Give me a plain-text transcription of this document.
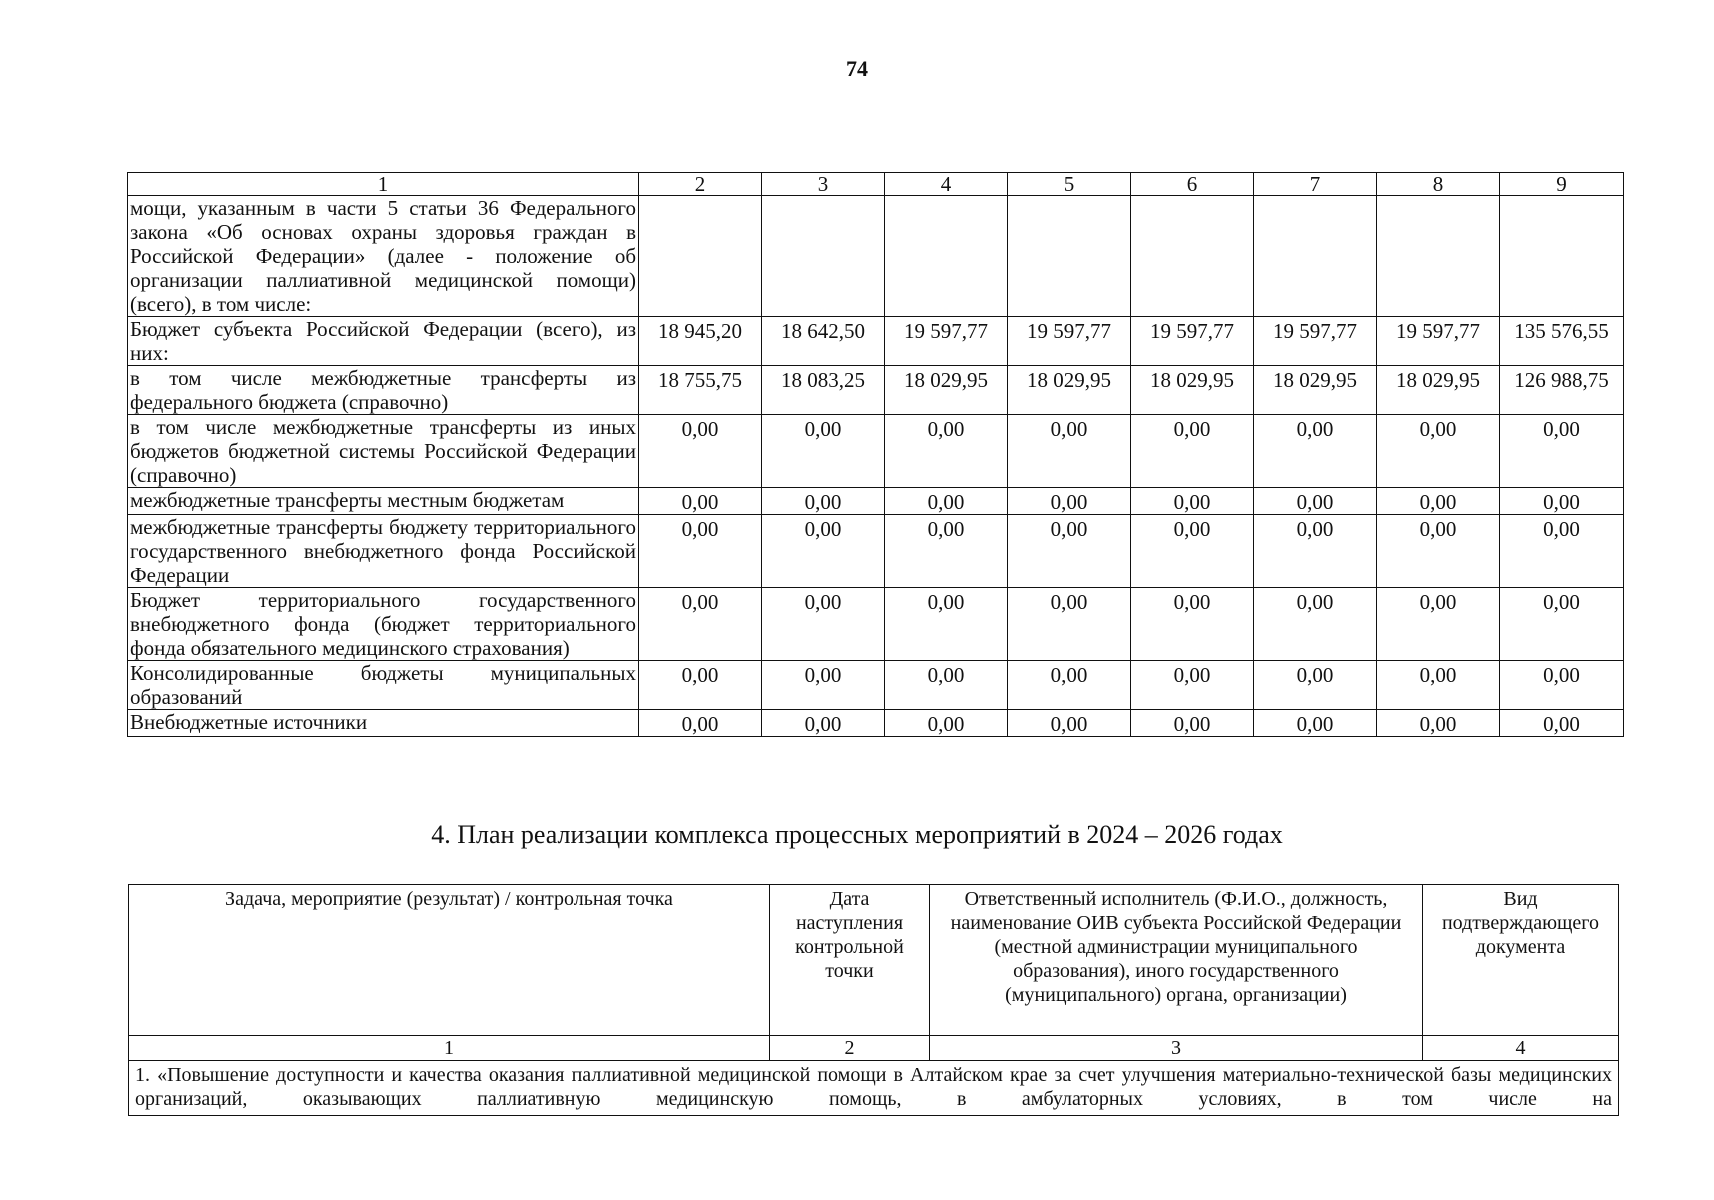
74
1	2	3	4	5	6	7	8	9
мощи, указанным в части 5 статьи 36 Федерального закона «Об основах охраны здоровья граждан в Российской Федерации» (далее - положение об организации паллиативной медицинской помощи) (всего), в том числе:								
Бюджет субъекта Российской Федерации (всего), из них:	18 945,20	18 642,50	19 597,77	19 597,77	19 597,77	19 597,77	19 597,77	135 576,55
в том числе межбюджетные трансферты из федерального бюджета (справочно)	18 755,75	18 083,25	18 029,95	18 029,95	18 029,95	18 029,95	18 029,95	126 988,75
в том числе межбюджетные трансферты из иных бюджетов бюджетной системы Российской Федерации (справочно)	0,00	0,00	0,00	0,00	0,00	0,00	0,00	0,00
межбюджетные трансферты местным бюджетам	0,00	0,00	0,00	0,00	0,00	0,00	0,00	0,00
межбюджетные трансферты бюджету территориального государственного внебюджетного фонда Российской Федерации	0,00	0,00	0,00	0,00	0,00	0,00	0,00	0,00
Бюджет территориального государственного внебюджетного фонда (бюджет территориального фонда обязательного медицинского страхования)	0,00	0,00	0,00	0,00	0,00	0,00	0,00	0,00
Консолидированные бюджеты муниципальных образований	0,00	0,00	0,00	0,00	0,00	0,00	0,00	0,00
Внебюджетные источники	0,00	0,00	0,00	0,00	0,00	0,00	0,00	0,00
4. План реализации комплекса процессных мероприятий в 2024 – 2026 годах
Задача, мероприятие (результат) / контрольная точка	Дата наступления контрольной точки	Ответственный исполнитель (Ф.И.О., должность, наименование ОИВ субъекта Российской Федерации (местной администрации муниципального образования), иного государственного (муниципального) органа, организации)	Вид подтверждающего документа
1	2	3	4
1. «Повышение доступности и качества оказания паллиативной медицинской помощи в Алтайском крае за счет улучшения материально-технической базы медицинских организаций, оказывающих паллиативную медицинскую помощь, в амбулаторных условиях, в том числе на			
